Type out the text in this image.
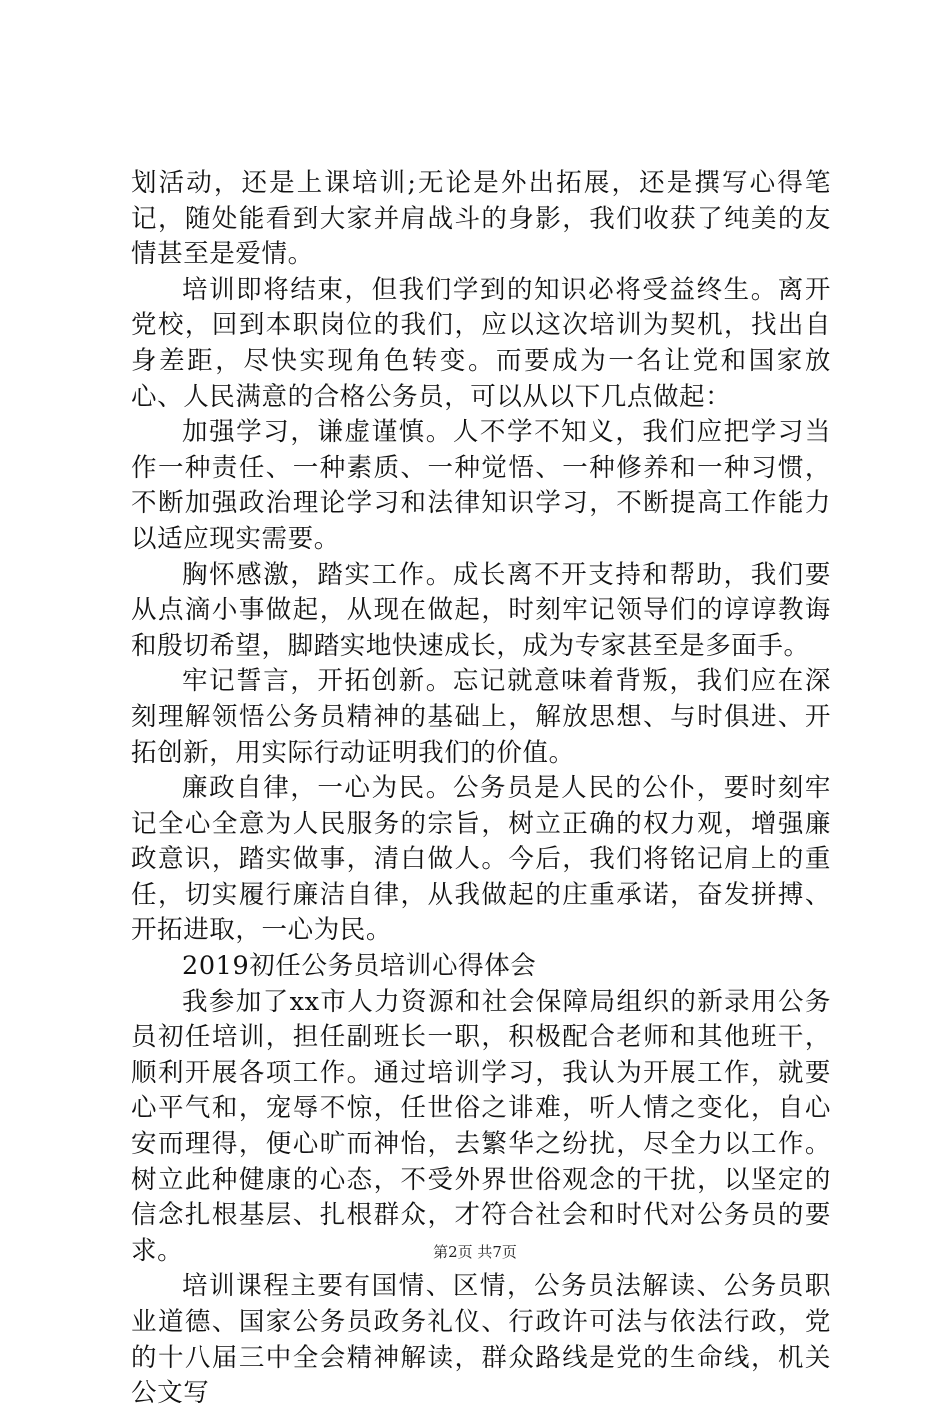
划活动，还是上课培训;无论是外出拓展，还是撰写心得笔记，随处能看到大家并肩战斗的身影，我们收获了纯美的友情甚至是爱情。

培训即将结束，但我们学到的知识必将受益终生。离开党校，回到本职岗位的我们，应以这次培训为契机，找出自身差距，尽快实现角色转变。而要成为一名让党和国家放心、人民满意的合格公务员，可以从以下几点做起：

加强学习，谦虚谨慎。人不学不知义，我们应把学习当作一种责任、一种素质、一种觉悟、一种修养和一种习惯，不断加强政治理论学习和法律知识学习，不断提高工作能力以适应现实需要。

胸怀感激，踏实工作。成长离不开支持和帮助，我们要从点滴小事做起，从现在做起，时刻牢记领导们的谆谆教诲和殷切希望，脚踏实地快速成长，成为专家甚至是多面手。

牢记誓言，开拓创新。忘记就意味着背叛，我们应在深刻理解领悟公务员精神的基础上，解放思想、与时俱进、开拓创新，用实际行动证明我们的价值。

廉政自律，一心为民。公务员是人民的公仆，要时刻牢记全心全意为人民服务的宗旨，树立正确的权力观，增强廉政意识，踏实做事，清白做人。今后，我们将铭记肩上的重任，切实履行廉洁自律，从我做起的庄重承诺，奋发拼搏、开拓进取，一心为民。

2019初任公务员培训心得体会

我参加了xx市人力资源和社会保障局组织的新录用公务员初任培训，担任副班长一职，积极配合老师和其他班干，顺利开展各项工作。通过培训学习，我认为开展工作，就要心平气和，宠辱不惊，任世俗之诽难，听人情之变化，自心安而理得，便心旷而神怡，去繁华之纷扰，尽全力以工作。树立此种健康的心态，不受外界世俗观念的干扰，以坚定的信念扎根基层、扎根群众，才符合社会和时代对公务员的要求。

培训课程主要有国情、区情，公务员法解读、公务员职业道德、国家公务员政务礼仪、行政许可法与依法行政，党的十八届三中全会精神解读，群众路线是党的生命线，机关公文写

第2页 共7页
